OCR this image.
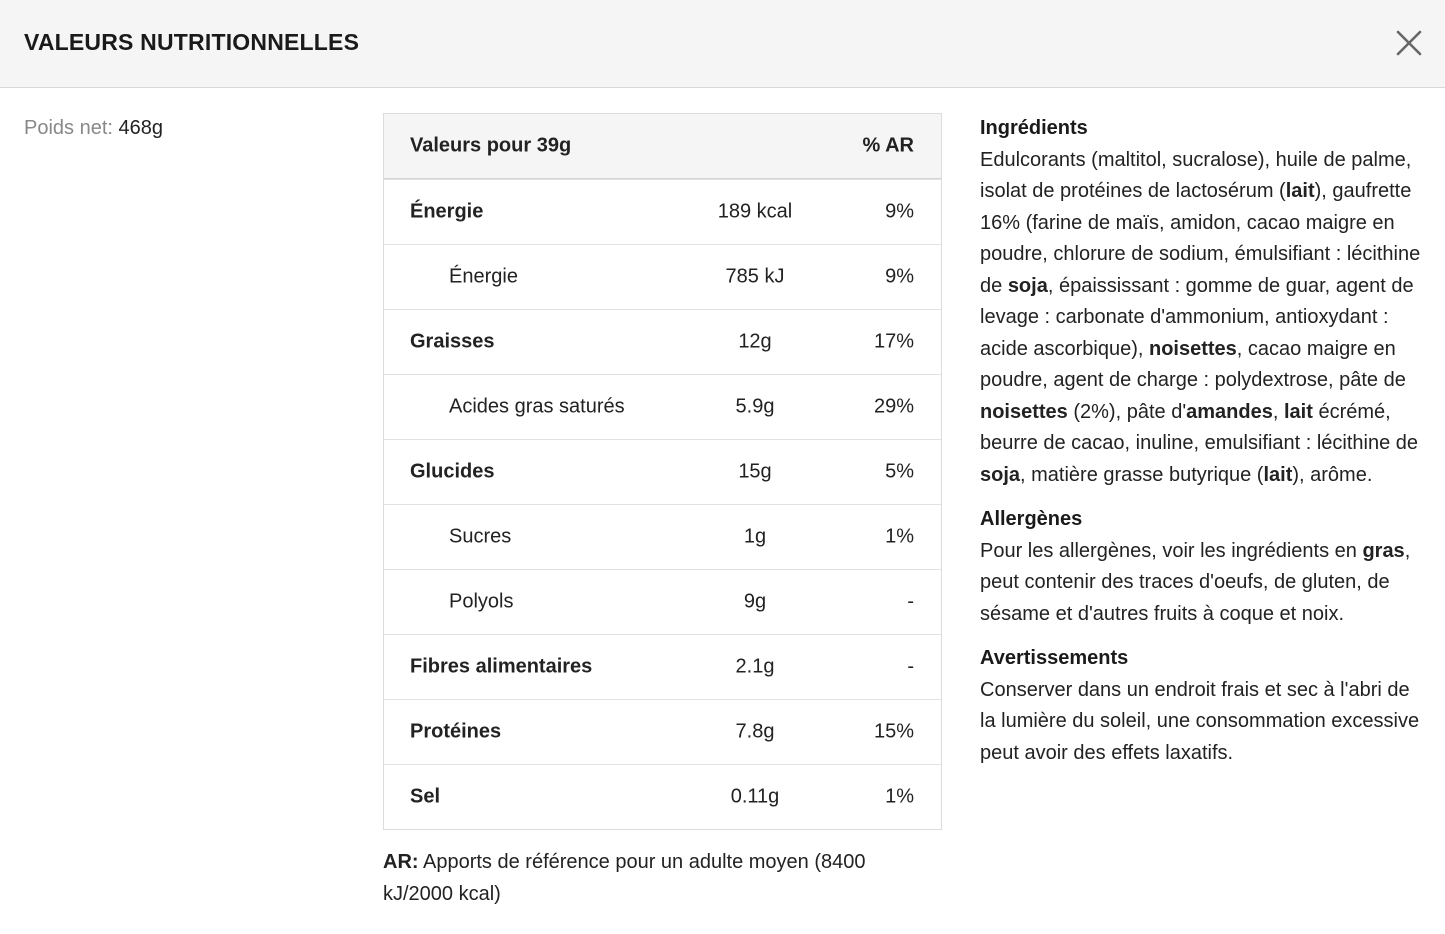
VALEURS NUTRITIONNELLES
Poids net: 468g
Valeurs pour 39g	% AR
Énergie	189 kcal	9%
Énergie	785 kJ	9%
Graisses	12g	17%
Acides gras saturés	5.9g	29%
Glucides	15g	5%
Sucres	1g	1%
Polyols	9g	-
Fibres alimentaires	2.1g	-
Protéines	7.8g	15%
Sel	0.11g	1%
AR: Apports de référence pour un adulte moyen (8400 kJ/2000 kcal)
Ingrédients
Edulcorants (maltitol, sucralose), huile de palme, isolat de protéines de lactosérum (lait), gaufrette 16% (farine de maïs, amidon, cacao maigre en poudre, chlorure de sodium, émulsifiant : lécithine de soja, épaississant : gomme de guar, agent de levage : carbonate d'ammonium, antioxydant : acide ascorbique), noisettes, cacao maigre en poudre, agent de charge : polydextrose, pâte de noisettes (2%), pâte d'amandes, lait écrémé, beurre de cacao, inuline, emulsifiant : lécithine de soja, matière grasse butyrique (lait), arôme.
Allergènes
Pour les allergènes, voir les ingrédients en gras, peut contenir des traces d'oeufs, de gluten, de sésame et d'autres fruits à coque et noix.
Avertissements
Conserver dans un endroit frais et sec à l'abri de la lumière du soleil, une consommation excessive peut avoir des effets laxatifs.
